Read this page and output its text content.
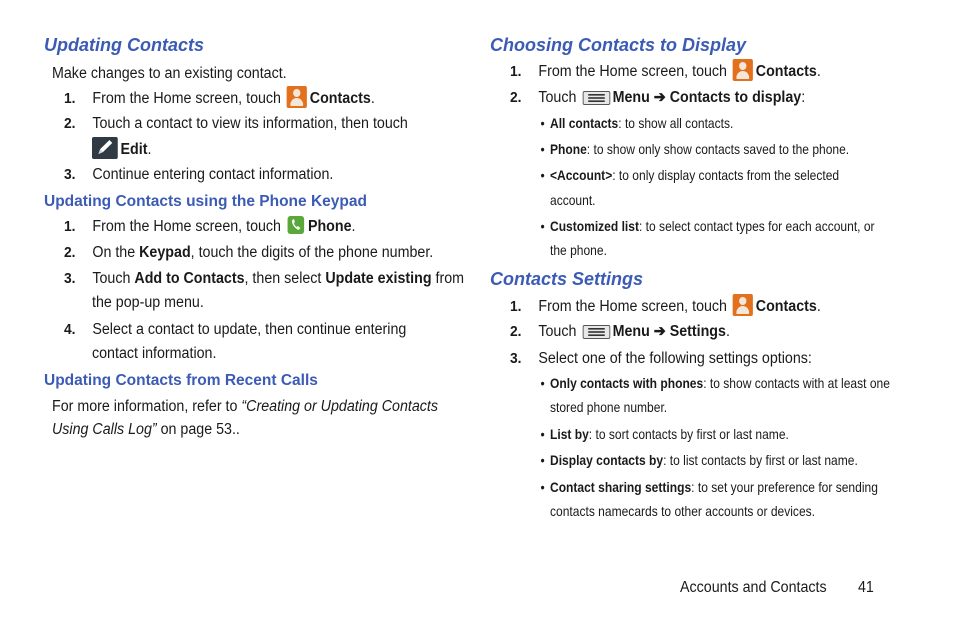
Updating Contacts
Make changes to an existing contact.
1. From the Home screen, touch Contacts.
2. Touch a contact to view its information, then touch
Edit.
3. Continue entering contact information.
Updating Contacts using the Phone Keypad
1. From the Home screen, touch Phone.
2. On the Keypad, touch the digits of the phone number.
3. Touch Add to Contacts, then select Update existing from
the pop-up menu.
4. Select a contact to update, then continue entering
contact information.
Updating Contacts from Recent Calls
For more information, refer to “Creating or Updating Contacts
Using Calls Log” on page 53..
Choosing Contacts to Display
1. From the Home screen, touch Contacts.
2. Touch Menu ➔ Contacts to display:
• All contacts: to show all contacts.
• Phone: to show only show contacts saved to the phone.
• <Account>: to only display contacts from the selected
account.
• Customized list: to select contact types for each account, or
the phone.
Contacts Settings
1. From the Home screen, touch Contacts.
2. Touch Menu ➔ Settings.
3. Select one of the following settings options:
• Only contacts with phones: to show contacts with at least one
stored phone number.
• List by: to sort contacts by first or last name.
• Display contacts by: to list contacts by first or last name.
• Contact sharing settings: to set your preference for sending
contacts namecards to other accounts or devices.
Accounts and Contacts 41
